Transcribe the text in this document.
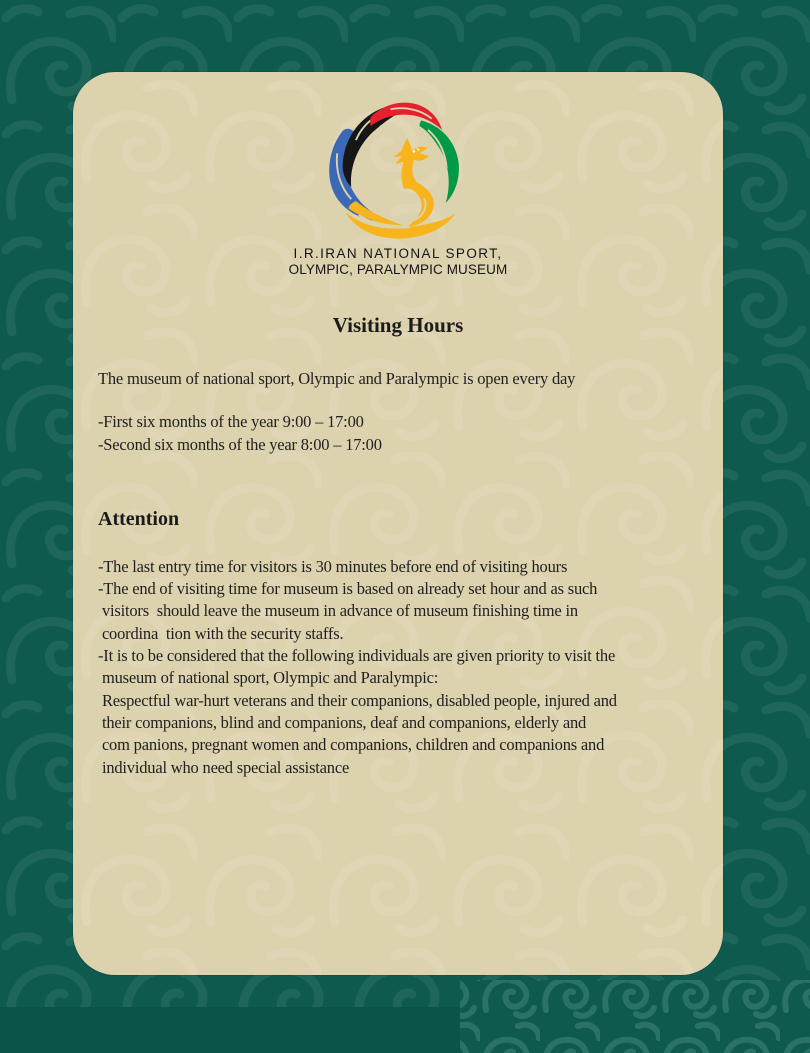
I.R.IRAN NATIONAL SPORT,
OLYMPIC, PARALYMPIC MUSEUM
Visiting Hours

The museum of national sport, Olympic and Paralympic is open every day

-First six months of the year 9:00 – 17:00
-Second six months of the year 8:00 – 17:00
Attention
-The last entry time for visitors is 30 minutes before end of visiting hours
-The end of visiting time for museum is based on already set hour and as such
visitors  should leave the museum in advance of museum finishing time in
coordina  tion with the security staffs.
-It is to be considered that the following individuals are given priority to visit the
museum of national sport, Olympic and Paralympic:
Respectful war-hurt veterans and their companions, disabled people, injured and
their companions, blind and companions, deaf and companions, elderly and
com panions, pregnant women and companions, children and companions and
individual who need special assistance
